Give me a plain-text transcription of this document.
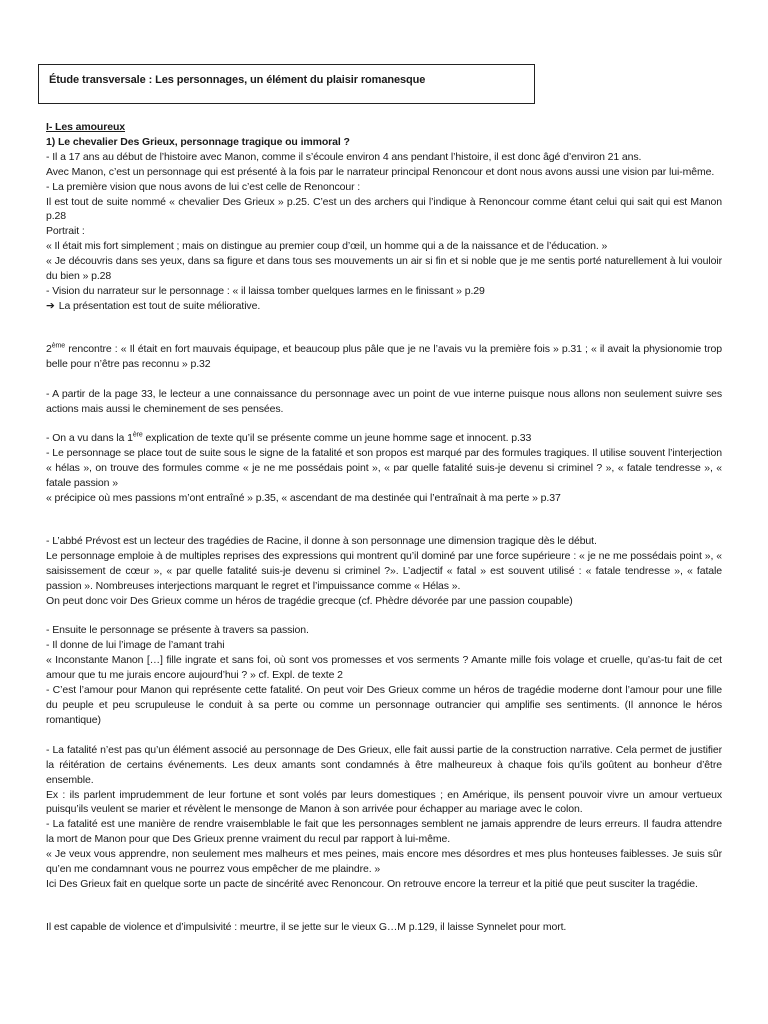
Étude transversale : Les personnages, un élément du plaisir romanesque

I- Les amoureux

1) Le chevalier Des Grieux, personnage tragique ou immoral ?

- Il a 17 ans au début de l’histoire avec Manon, comme il s’écoule environ 4 ans pendant l’histoire, il est donc âgé d’environ 21 ans.

Avec Manon, c’est un personnage qui est présenté à la fois par le narrateur principal Renoncour et dont nous avons aussi une vision par lui-même.

- La première vision que nous avons de lui c’est celle de Renoncour :

Il est tout de suite nommé « chevalier Des Grieux » p.25. C’est un des archers qui l’indique à Renoncour comme étant celui qui sait qui est Manon p.28

Portrait :

« Il était mis fort simplement ; mais on distingue au premier coup d’œil, un homme qui a de la naissance et de l’éducation. »

« Je découvris dans ses yeux, dans sa figure et dans tous ses mouvements un air si fin et si noble que je me sentis porté naturellement à lui vouloir du bien » p.28

- Vision du narrateur sur le personnage : « il laissa tomber quelques larmes en le finissant » p.29

➔ La présentation est tout de suite méliorative.

2ème rencontre : « Il était en fort mauvais équipage, et beaucoup plus pâle que je ne l’avais vu la première fois » p.31 ; « il avait la physionomie trop belle pour n’être pas reconnu » p.32

- A partir de la page 33, le lecteur a une connaissance du personnage avec un point de vue interne puisque nous allons non seulement suivre ses actions mais aussi le cheminement de ses pensées.

- On a vu dans la 1ère explication de texte qu’il se présente comme un jeune homme sage et innocent. p.33

- Le personnage se place tout de suite sous le signe de la fatalité et son propos est marqué par des formules tragiques. Il utilise souvent l’interjection « hélas », on trouve des formules comme « je ne me possédais point », « par quelle fatalité suis-je devenu si criminel ? », « fatale tendresse », « fatale passion »

« précipice où mes passions m’ont entraîné » p.35, « ascendant de ma destinée qui l’entraînait à ma perte » p.37

- L’abbé Prévost est un lecteur des tragédies de Racine, il donne à son personnage une dimension tragique dès le début.

Le personnage emploie à de multiples reprises des expressions qui montrent qu’il dominé par une force supérieure : « je ne me possédais point », « saisissement de cœur », « par quelle fatalité suis-je devenu si criminel ?». L’adjectif « fatal » est souvent utilisé : « fatale tendresse », « fatale passion ». Nombreuses interjections marquant le regret et l’impuissance comme « Hélas ».

On peut donc voir Des Grieux comme un héros de tragédie grecque (cf. Phèdre dévorée par une passion coupable)

- Ensuite le personnage se présente à travers sa passion.

- Il donne de lui l’image de l’amant trahi

« Inconstante Manon […] fille ingrate et sans foi, où sont vos promesses et vos serments ? Amante mille fois volage et cruelle, qu’as-tu fait de cet amour que tu me jurais encore aujourd’hui ? » cf. Expl. de texte 2

- C’est l’amour pour Manon qui représente cette fatalité. On peut voir Des Grieux comme un héros de tragédie moderne dont l’amour pour une fille du peuple et peu scrupuleuse le conduit à sa perte ou comme un personnage outrancier qui amplifie ses sentiments. (Il annonce le héros romantique)

- La fatalité n’est pas qu’un élément associé au personnage de Des Grieux, elle fait aussi partie de la construction narrative. Cela permet de justifier la réitération de certains événements. Les deux amants sont condamnés à être malheureux à chaque fois qu’ils goûtent au bonheur d’être ensemble.

Ex : ils parlent imprudemment de leur fortune et sont volés par leurs domestiques ; en Amérique, ils pensent pouvoir vivre un amour vertueux puisqu’ils veulent se marier et révèlent le mensonge de Manon à son arrivée pour échapper au mariage avec le colon.

- La fatalité est une manière de rendre vraisemblable le fait que les personnages semblent ne jamais apprendre de leurs erreurs. Il faudra attendre la mort de Manon pour que Des Grieux prenne vraiment du recul par rapport à lui-même.

« Je veux vous apprendre, non seulement mes malheurs et mes peines, mais encore mes désordres et mes plus honteuses faiblesses. Je suis sûr qu’en me condamnant vous ne pourrez vous empêcher de me plaindre. »

Ici Des Grieux fait en quelque sorte un pacte de sincérité avec Renoncour. On retrouve encore la terreur et la pitié que peut susciter la tragédie.

Il est capable de violence et d’impulsivité : meurtre, il se jette sur le vieux G…M p.129, il laisse Synnelet pour mort.
